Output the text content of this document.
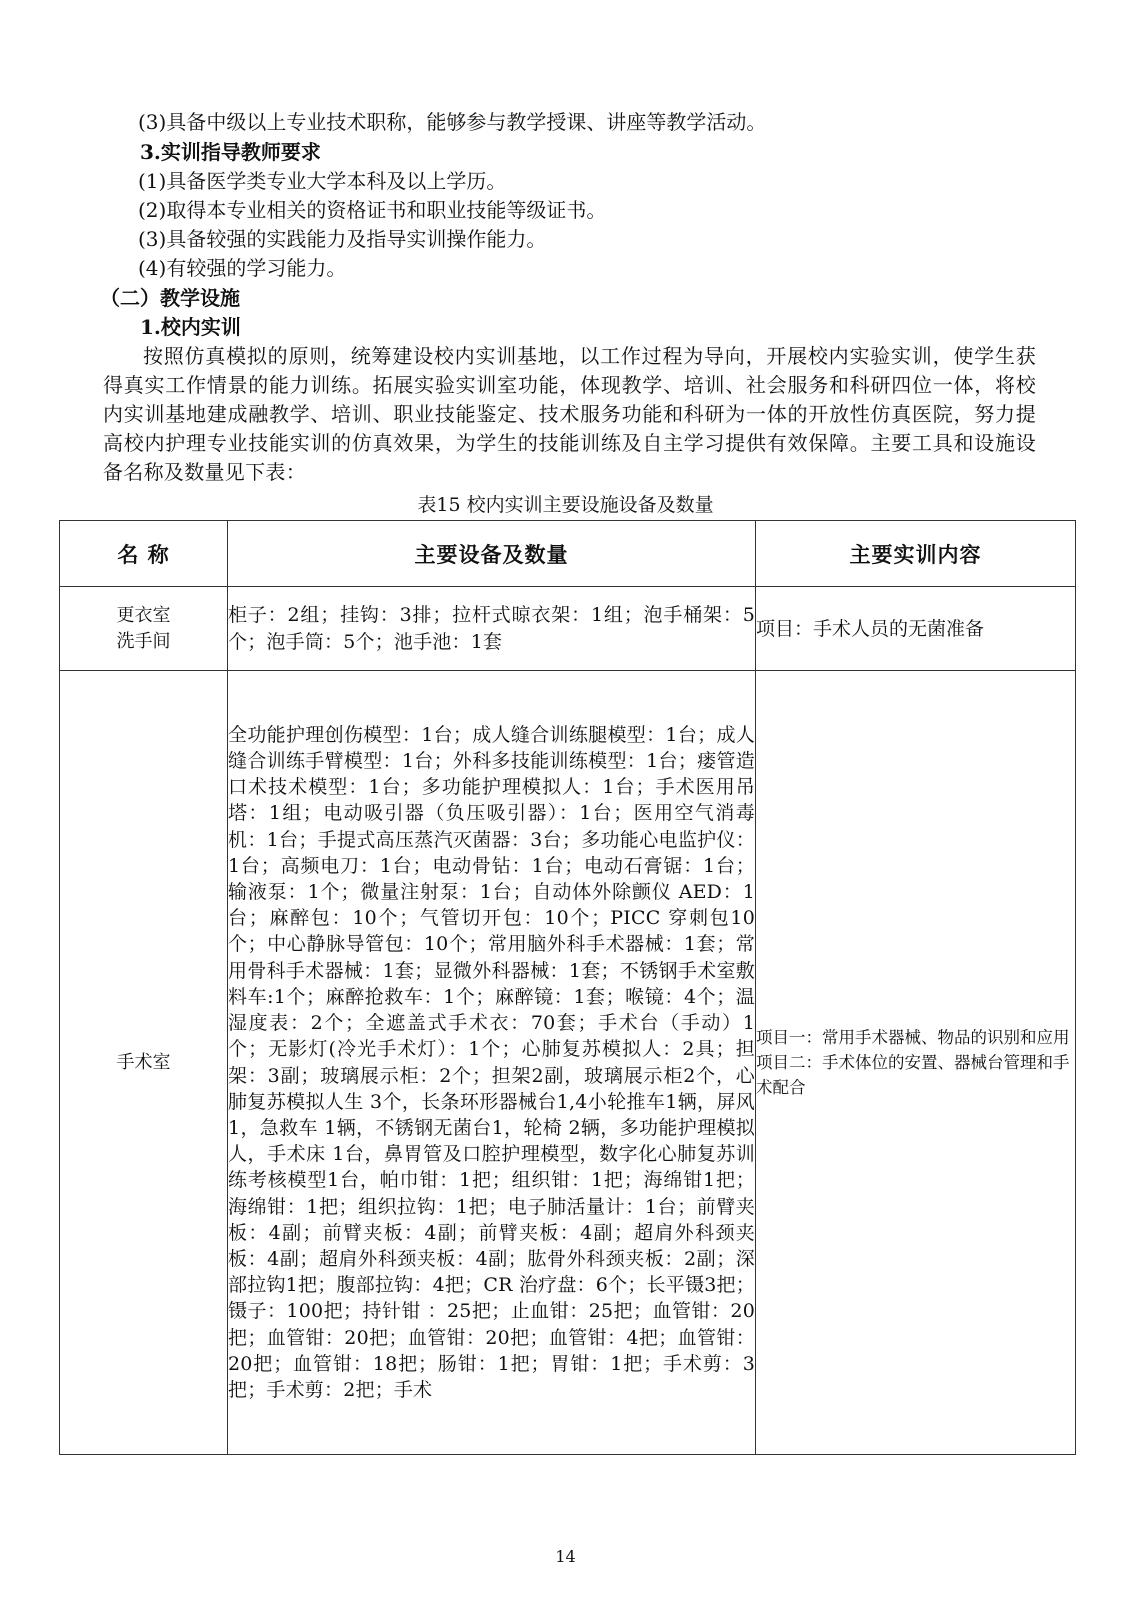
(3)具备中级以上专业技术职称，能够参与教学授课、讲座等教学活动。
3.实训指导教师要求
(1)具备医学类专业大学本科及以上学历。
(2)取得本专业相关的资格证书和职业技能等级证书。
(3)具备较强的实践能力及指导实训操作能力。
(4)有较强的学习能力。
（二）教学设施
1.校内实训
按照仿真模拟的原则，统筹建设校内实训基地，以工作过程为导向，开展校内实验实训，使学生获得真实工作情景的能力训练。拓展实验实训室功能，体现教学、培训、社会服务和科研四位一体，将校内实训基地建成融教学、培训、职业技能鉴定、技术服务功能和科研为一体的开放性仿真医院，努力提高校内护理专业技能实训的仿真效果，为学生的技能训练及自主学习提供有效保障。主要工具和设施设备名称及数量见下表：
表15 校内实训主要设施设备及数量
名 称	主要设备及数量	主要实训内容

更衣室
洗手间	柜子：2组；挂钩：3排；拉杆式晾衣架：1组；泡手桶架：5个；泡手筒：5个；池手池：1套	项目：手术人员的无菌准备

手术室	全功能护理创伤模型：1台；成人缝合训练腿模型：1台；成人缝合训练手臂模型：1台；外科多技能训练模型：1台；瘘管造口术技术模型：1台；多功能护理模拟人：1台；手术医用吊塔：1组；电动吸引器（负压吸引器）：1台；医用空气消毒机：1台；手提式高压蒸汽灭菌器：3台；多功能心电监护仪：1台；高频电刀：1台；电动骨钻：1台；电动石膏锯：1台；输液泵：1个；微量注射泵：1台；自动体外除颤仪 AED：1台；麻醉包：10个；气管切开包：10个；PICC 穿刺包10个；中心静脉导管包：10个；常用脑外科手术器械：1套；常用骨科手术器械：1套；显微外科器械：1套；不锈钢手术室敷料车:1个；麻醉抢救车：1个；麻醉镜：1套；喉镜：4个；温湿度表：2个；全遮盖式手术衣：70套；手术台（手动）1个；无影灯(冷光手术灯）：1个；心肺复苏模拟人：2具；担架：3副；玻璃展示柜：2个；担架2副，玻璃展示柜2个，心肺复苏模拟人生 3个，长条环形器械台1,4小轮推车1辆，屏风1，急救车 1辆，不锈钢无菌台1，轮椅 2辆，多功能护理模拟人，手术床 1台，鼻胃管及口腔护理模型，数字化心肺复苏训练考核模型1台，帕巾钳：1把；组织钳：1把；海绵钳1把；海绵钳：1把；组织拉钩：1把；电子肺活量计：1台；前臂夹板：4副；前臂夹板：4副；前臂夹板：4副；超肩外科颈夹板：4副；超肩外科颈夹板：4副；肱骨外科颈夹板：2副；深部拉钩1把；腹部拉钩：4把；CR 治疗盘：6个；长平镊3把；镊子：100把；持针钳 ：25把；止血钳：25把；血管钳：20把；血管钳：20把；血管钳：20把；血管钳：4把；血管钳：20把；血管钳：18把；肠钳：1把；胃钳：1把；手术剪：3把；手术剪：2把；手术	项目一：常用手术器械、物品的识别和应用
项目二：手术体位的安置、器械台管理和手术配合
14
